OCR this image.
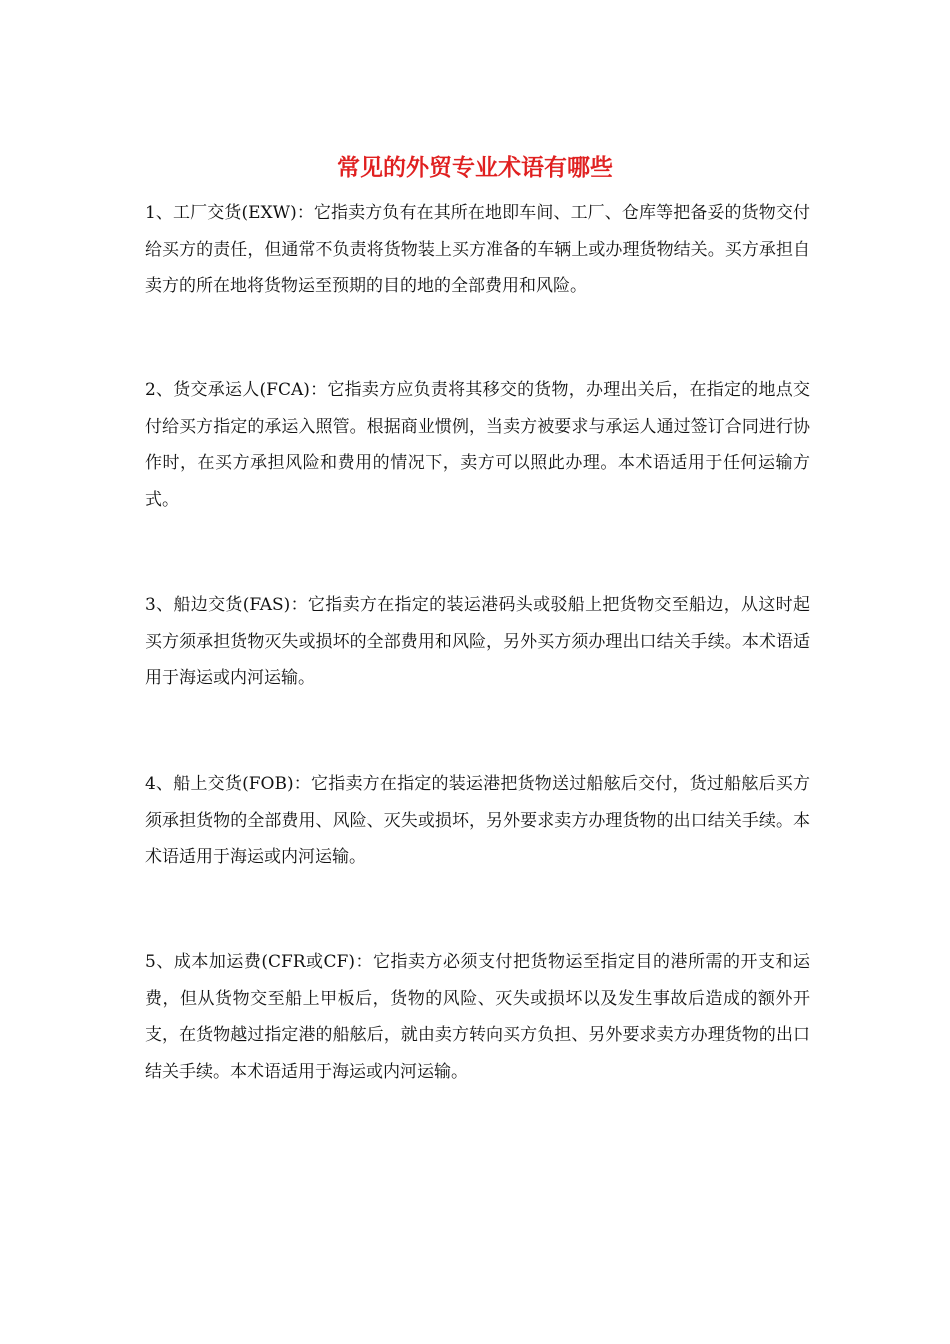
常见的外贸专业术语有哪些

1、工厂交货(EXW)：它指卖方负有在其所在地即车间、工厂、仓库等把备妥的货物交付给买方的责任，但通常不负责将货物装上买方准备的车辆上或办理货物结关。买方承担自卖方的所在地将货物运至预期的目的地的全部费用和风险。

2、货交承运人(FCA)：它指卖方应负责将其移交的货物，办理出关后，在指定的地点交付给买方指定的承运入照管。根据商业惯例，当卖方被要求与承运人通过签订合同进行协作时，在买方承担风险和费用的情况下，卖方可以照此办理。本术语适用于任何运输方式。

3、船边交货(FAS)：它指卖方在指定的装运港码头或驳船上把货物交至船边，从这时起买方须承担货物灭失或损坏的全部费用和风险，另外买方须办理出口结关手续。本术语适用于海运或内河运输。

4、船上交货(FOB)：它指卖方在指定的装运港把货物送过船舷后交付，货过船舷后买方须承担货物的全部费用、风险、灭失或损坏，另外要求卖方办理货物的出口结关手续。本术语适用于海运或内河运输。

5、成本加运费(CFR或CF)：它指卖方必须支付把货物运至指定目的港所需的开支和运费，但从货物交至船上甲板后，货物的风险、灭失或损坏以及发生事故后造成的额外开支，在货物越过指定港的船舷后，就由卖方转向买方负担、另外要求卖方办理货物的出口结关手续。本术语适用于海运或内河运输。
